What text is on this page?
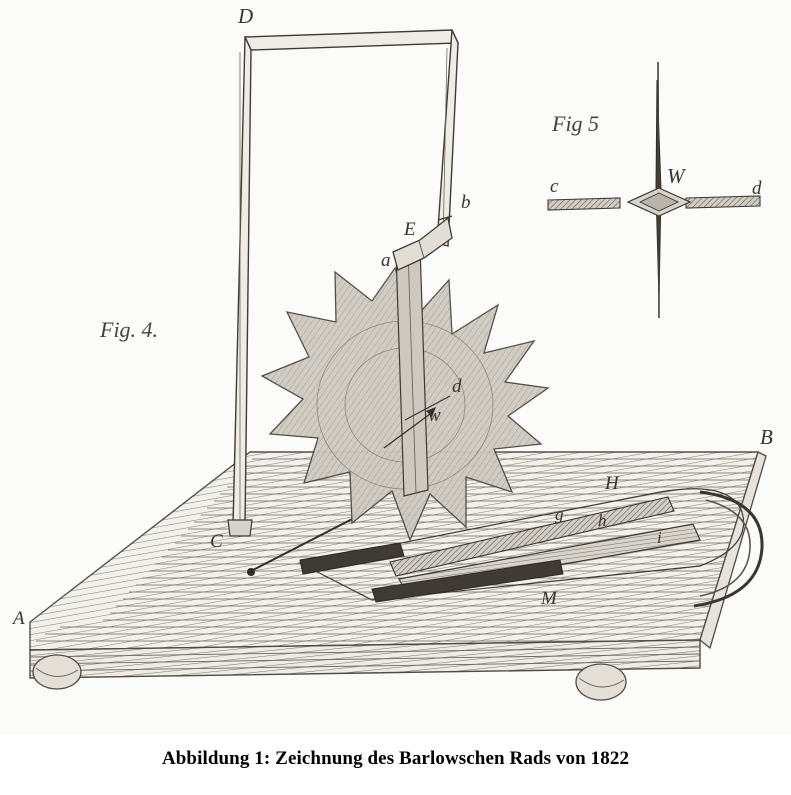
Fig. 4.
Fig 5
D
b
E
a
d
w
B
H
g h
i
C
M
A
c	W
d
Abbildung 1: Zeichnung des Barlowschen Rads von 1822
